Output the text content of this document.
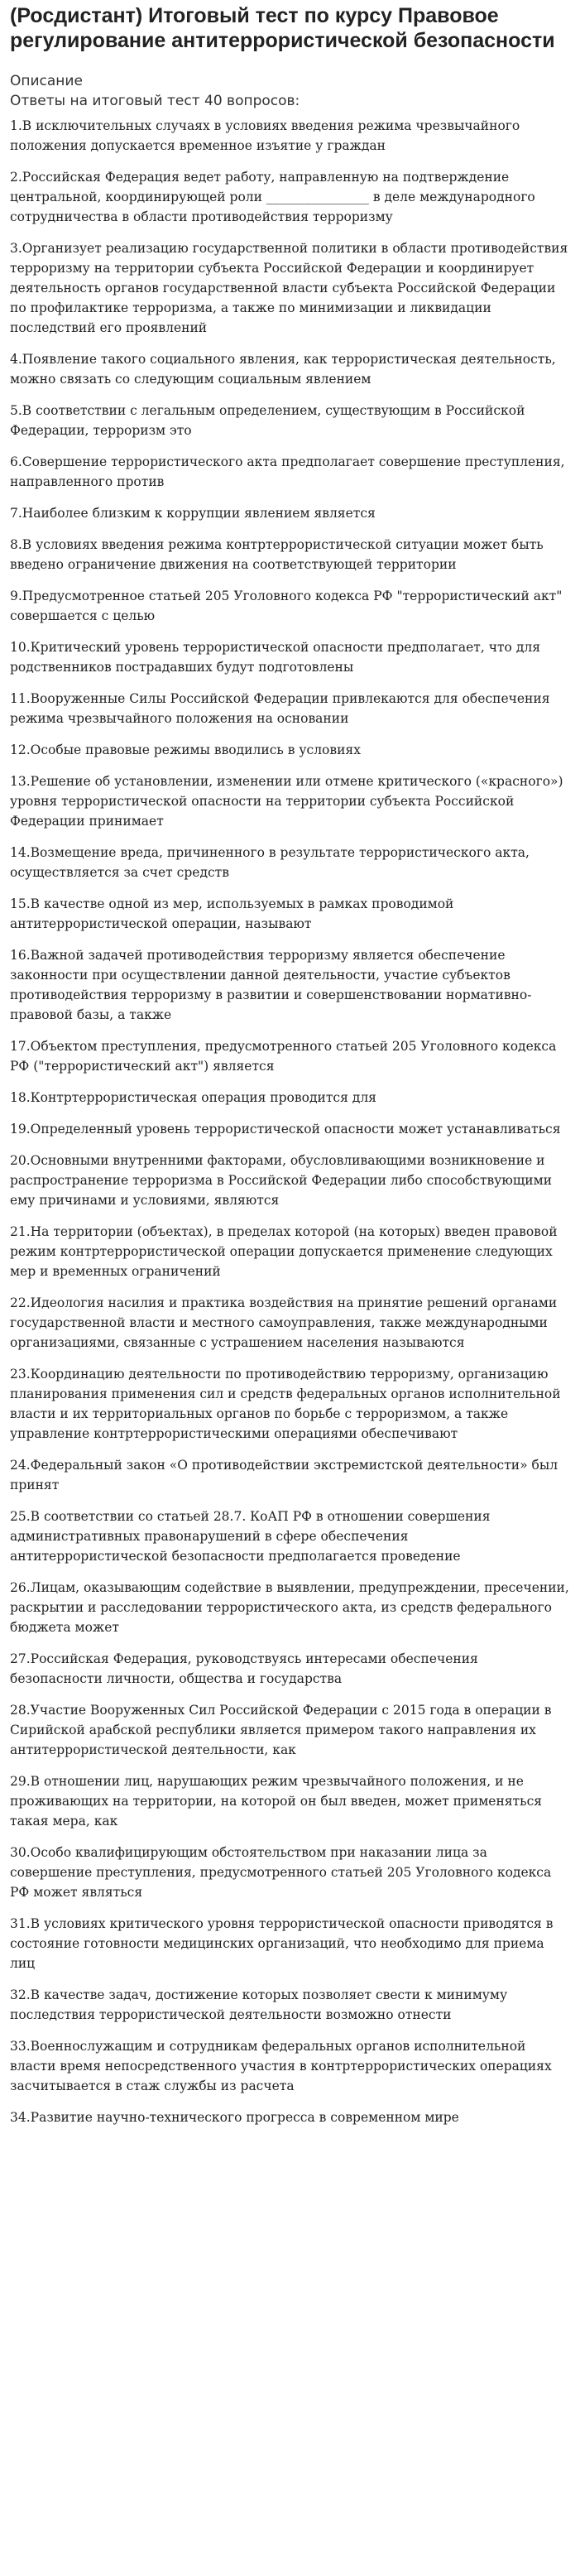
(Росдистант) Итоговый тест по курсу Правовое регулирование антитеррористической безопасности

Описание

Ответы на итоговый тест 40 вопросов:

1.В исключительных случаях в условиях введения режима чрезвычайного положения допускается временное изъятие у граждан

2.Российская Федерация ведет работу, направленную на подтверждение центральной, координирующей роли ________________ в деле международного сотрудничества в области противодействия терроризму

3.Организует реализацию государственной политики в области противодействия терроризму на территории субъекта Российской Федерации и координирует деятельность органов государственной власти субъекта Российской Федерации по профилактике терроризма, а также по минимизации и ликвидации последствий его проявлений

4.Появление такого социального явления, как террористическая деятельность, можно связать со следующим социальным явлением

5.В соответствии с легальным определением, существующим в Российской Федерации, терроризм это

6.Совершение террористического акта предполагает совершение преступления, направленного против

7.Наиболее близким к коррупции явлением является

8.В условиях введения режима контртеррористической ситуации может быть введено ограничение движения на соответствующей территории

9.Предусмотренное статьей 205 Уголовного кодекса РФ "террористический акт" совершается с целью

10.Критический уровень террористической опасности предполагает, что для родственников пострадавших будут подготовлены

11.Вооруженные Силы Российской Федерации привлекаются для обеспечения режима чрезвычайного положения на основании

12.Особые правовые режимы вводились в условиях

13.Решение об установлении, изменении или отмене критического («красного») уровня террористической опасности на территории субъекта Российской Федерации принимает

14.Возмещение вреда, причиненного в результате террористического акта, осуществляется за счет средств

15.В качестве одной из мер, используемых в рамках проводимой антитеррористической операции, называют

16.Важной задачей противодействия терроризму является обеспечение законности при осуществлении данной деятельности, участие субъектов противодействия терроризму в развитии и совершенствовании нормативно-правовой базы, а также

17.Объектом преступления, предусмотренного статьей 205 Уголовного кодекса РФ ("террористический акт") является

18.Контртеррористическая операция проводится для

19.Определенный уровень террористической опасности может устанавливаться

20.Основными внутренними факторами, обусловливающими возникновение и распространение терроризма в Российской Федерации либо способствующими ему причинами и условиями, являются

21.На территории (объектах), в пределах которой (на которых) введен правовой режим контртеррористической операции допускается применение следующих мер и временных ограничений

22.Идеология насилия и практика воздействия на принятие решений органами государственной власти и местного самоуправления, также международными организациями, связанные с устрашением населения называются

23.Координацию деятельности по противодействию терроризму, организацию планирования применения сил и средств федеральных органов исполнительной власти и их территориальных органов по борьбе с терроризмом, а также управление контртеррористическими операциями обеспечивают

24.Федеральный закон «О противодействии экстремистской деятельности» был принят

25.В соответствии со статьей 28.7. КоАП РФ в отношении совершения административных правонарушений в сфере обеспечения антитеррористической безопасности предполагается проведение

26.Лицам, оказывающим содействие в выявлении, предупреждении, пресечении, раскрытии и расследовании террористического акта, из средств федерального бюджета может

27.Российская Федерация, руководствуясь интересами обеспечения безопасности личности, общества и государства

28.Участие Вооруженных Сил Российской Федерации с 2015 года в операции в Сирийской арабской республики является примером такого направления их антитеррористической деятельности, как

29.В отношении лиц, нарушающих режим чрезвычайного положения, и не проживающих на территории, на которой он был введен, может применяться такая мера, как

30.Особо квалифицирующим обстоятельством при наказании лица за совершение преступления, предусмотренного статьей 205 Уголовного кодекса РФ может являться

31.В условиях критического уровня террористической опасности приводятся в состояние готовности медицинских организаций, что необходимо для приема лиц

32.В качестве задач, достижение которых позволяет свести к минимуму последствия террористической деятельности возможно отнести

33.Военнослужащим и сотрудникам федеральных органов исполнительной власти время непосредственного участия в контртеррористических операциях засчитывается в стаж службы из расчета

34.Развитие научно-технического прогресса в современном мире
